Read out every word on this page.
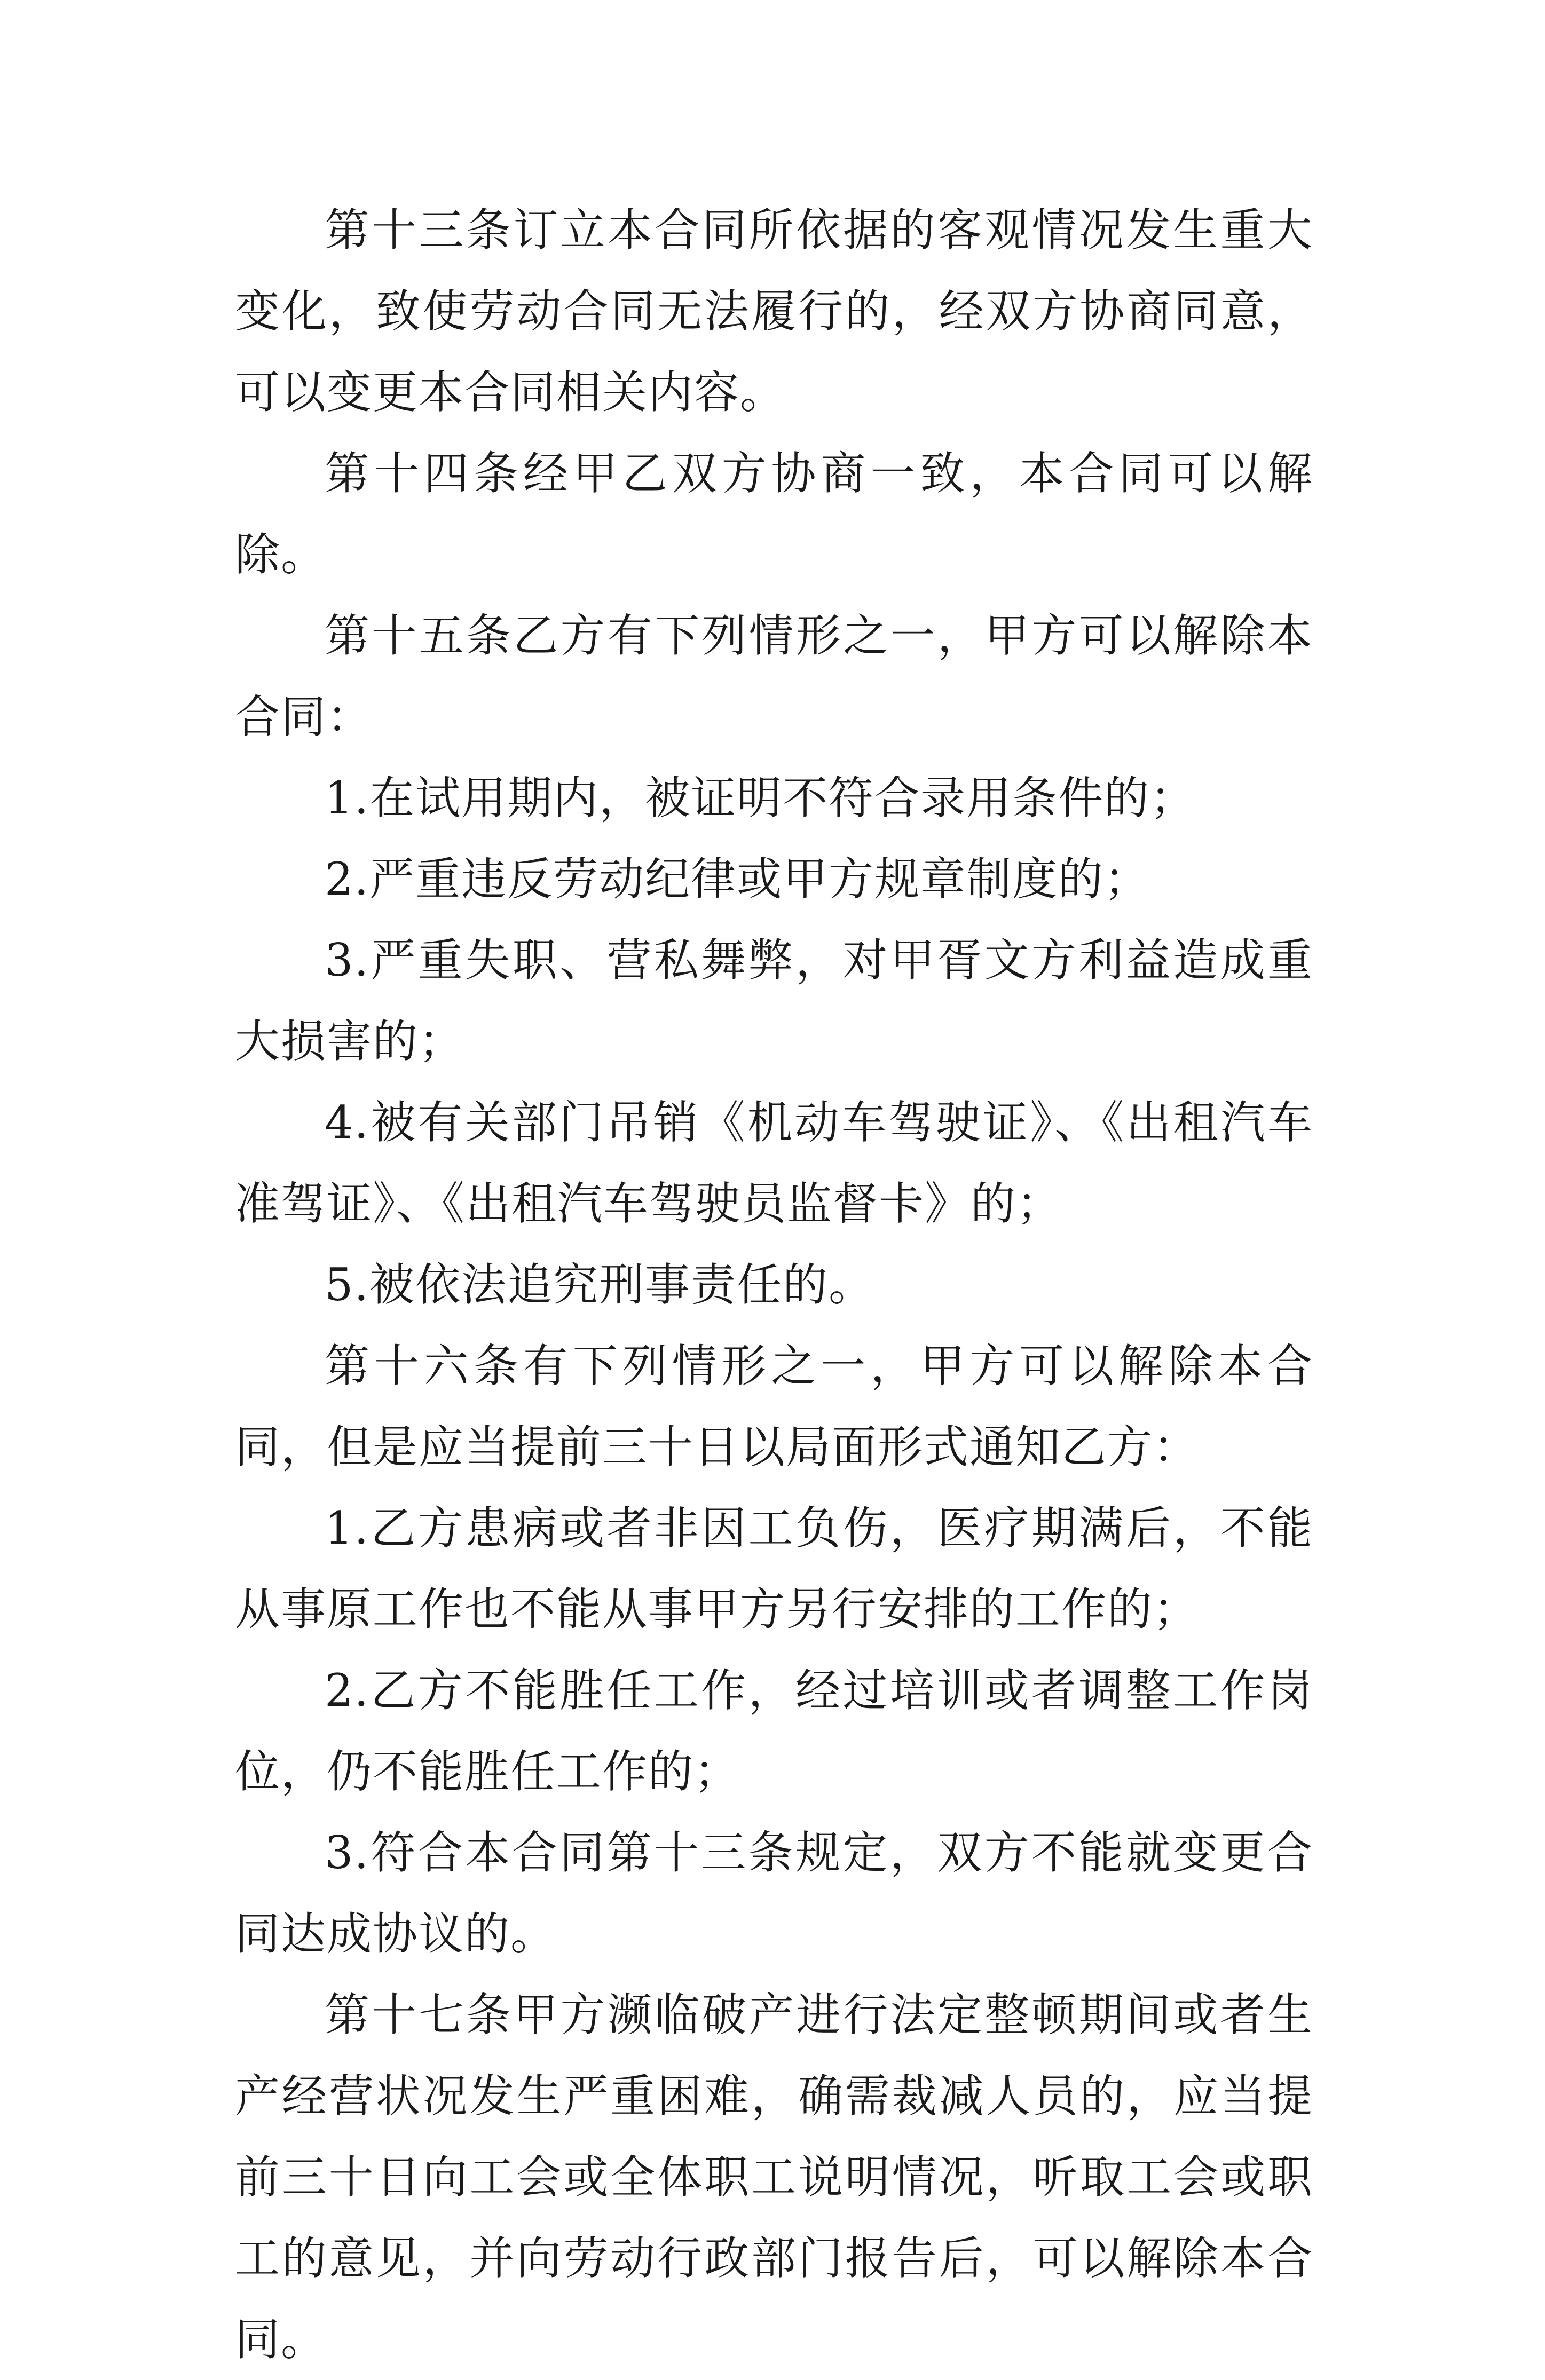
第十三条订立本合同所依据的客观情况发生重大变化，致使劳动合同无法履行的，经双方协商同意，可以变更本合同相关内容。

第十四条经甲乙双方协商一致，本合同可以解除。

第十五条乙方有下列情形之一，甲方可以解除本合同：

1.在试用期内，被证明不符合录用条件的；

2.严重违反劳动纪律或甲方规章制度的；

3.严重失职、营私舞弊，对甲胥文方利益造成重大损害的；

4.被有关部门吊销《机动车驾驶证》、《出租汽车准驾证》、《出租汽车驾驶员监督卡》的；

5.被依法追究刑事责任的。

第十六条有下列情形之一，甲方可以解除本合同，但是应当提前三十日以局面形式通知乙方：

1.乙方患病或者非因工负伤，医疗期满后，不能从事原工作也不能从事甲方另行安排的工作的；

2.乙方不能胜任工作，经过培训或者调整工作岗位，仍不能胜任工作的；

3.符合本合同第十三条规定，双方不能就变更合同达成协议的。

第十七条甲方濒临破产进行法定整顿期间或者生产经营状况发生严重困难，确需裁减人员的，应当提前三十日向工会或全体职工说明情况，听取工会或职工的意见，并向劳动行政部门报告后，可以解除本合同。
